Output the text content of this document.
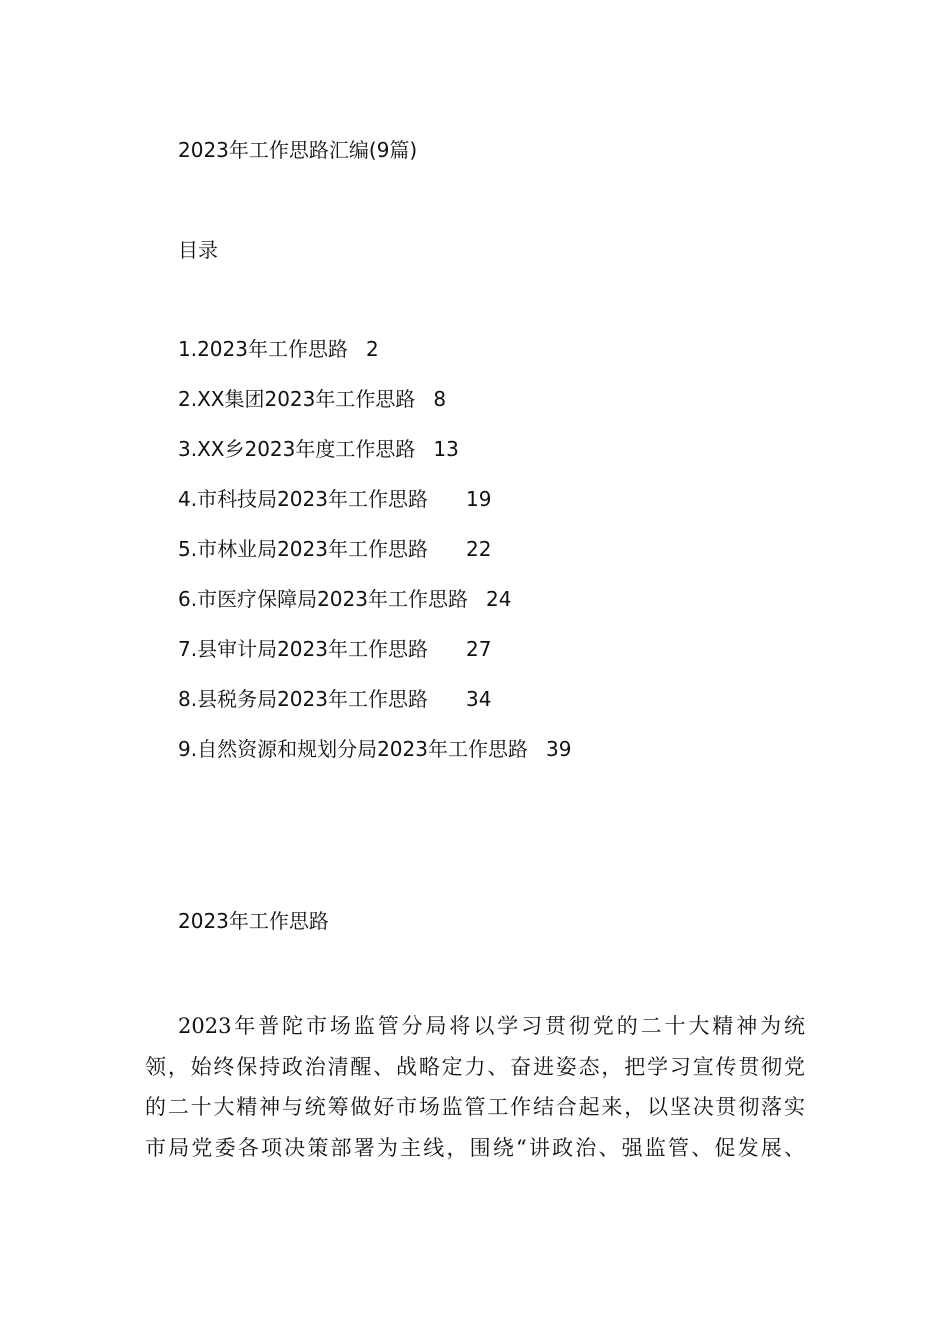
2023年工作思路汇编(9篇)
目录
1.2023年工作思路 2
2.XX集团2023年工作思路 8
3.XX乡2023年度工作思路 13
4.市科技局2023年工作思路 19
5.市林业局2023年工作思路 22
6.市医疗保障局2023年工作思路 24
7.县审计局2023年工作思路 27
8.县税务局2023年工作思路 34
9.自然资源和规划分局2023年工作思路 39
2023年工作思路

2023年普陀市场监管分局将以学习贯彻党的二十大精神为统
领，始终保持政治清醒、战略定力、奋进姿态，把学习宣传贯彻党
的二十大精神与统筹做好市场监管工作结合起来，以坚决贯彻落实
市局党委各项决策部署为主线，围绕“讲政治、强监管、促发展、
